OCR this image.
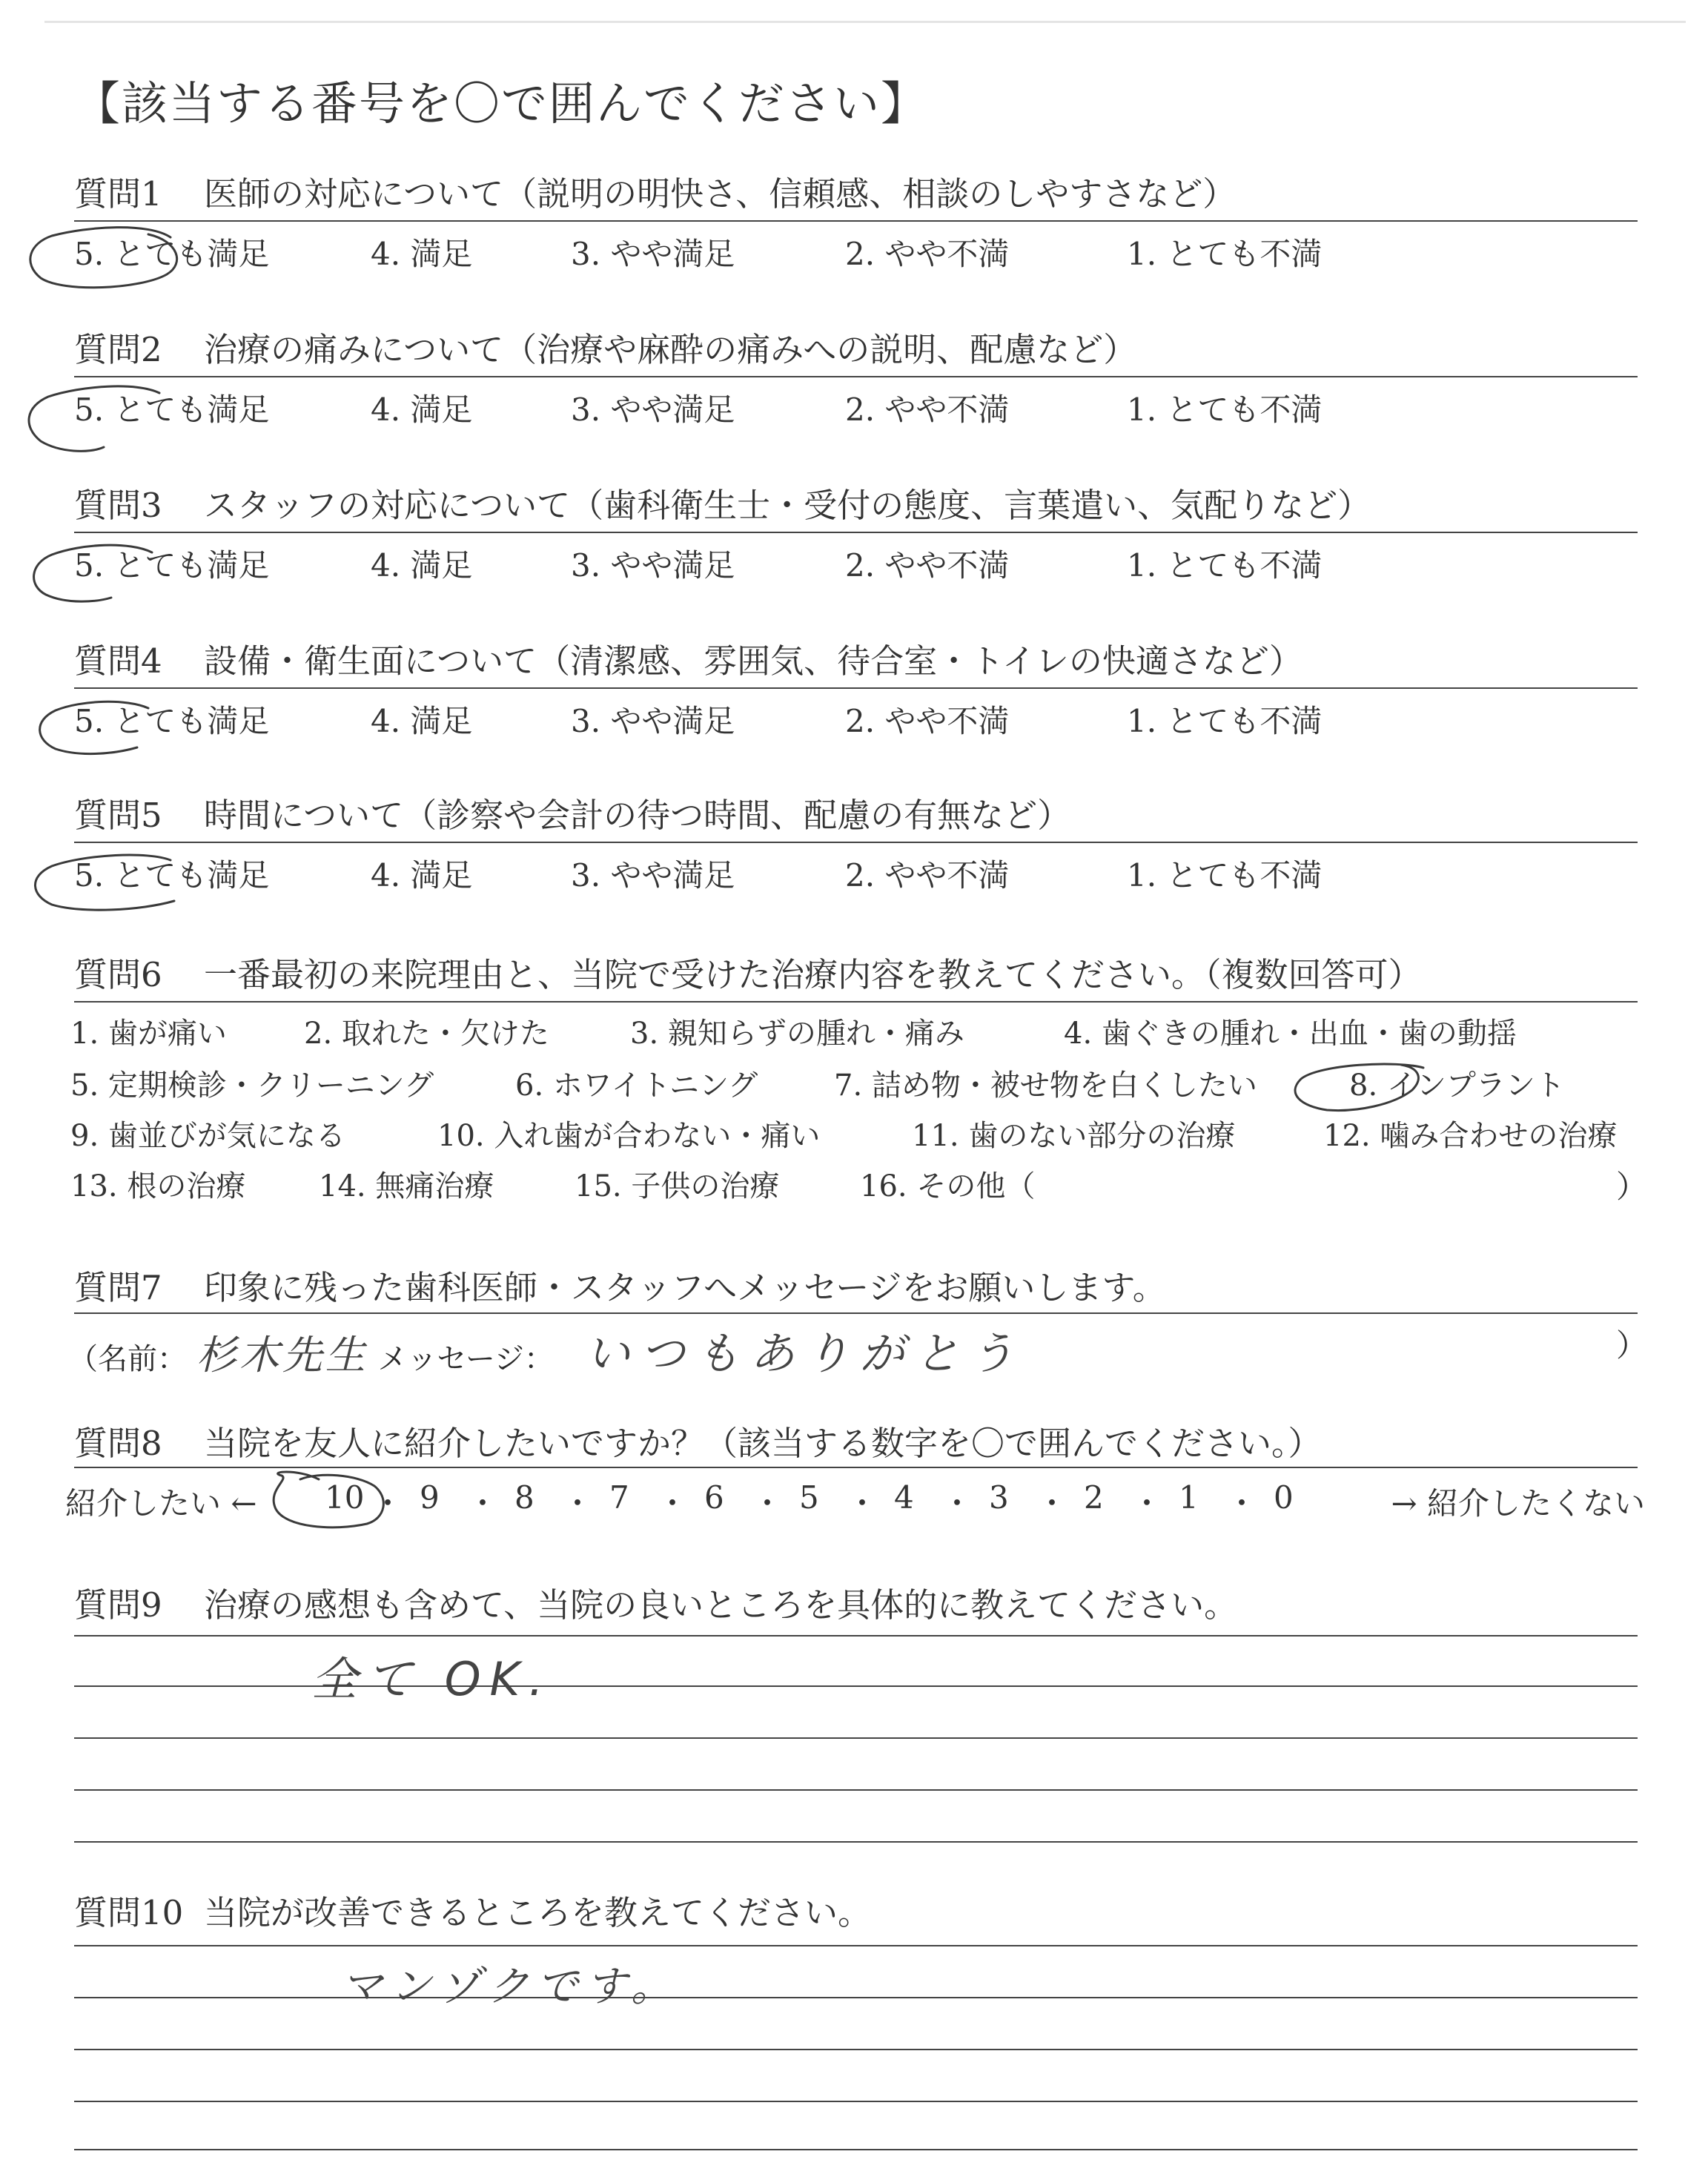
【該当する番号を〇で囲んでください】
質問1 医師の対応について（説明の明快さ、信頼感、相談のしやすさなど）
5. とても満足	4. 満足	3. やや満足	2. やや不満	1. とても不満
質問2 治療の痛みについて（治療や麻酔の痛みへの説明、配慮など）
5. とても満足	4. 満足	3. やや満足	2. やや不満	1. とても不満
質問3 スタッフの対応について（歯科衛生士・受付の態度、言葉遣い、気配りなど）
5. とても満足	4. 満足	3. やや満足	2. やや不満	1. とても不満
質問4 設備・衛生面について（清潔感、雰囲気、待合室・トイレの快適さなど）
5. とても満足	4. 満足	3. やや満足	2. やや不満	1. とても不満
質問5 時間について（診察や会計の待つ時間、配慮の有無など）
5. とても満足	4. 満足	3. やや満足	2. やや不満	1. とても不満
質問6 一番最初の来院理由と、当院で受けた治療内容を教えてください。（複数回答可）
1. 歯が痛い	2. 取れた・欠けた	3. 親知らずの腫れ・痛み	4. 歯ぐきの腫れ・出血・歯の動揺
5. 定期検診・クリーニング	6. ホワイトニング	7. 詰め物・被せ物を白くしたい	8. インプラント
9. 歯並びが気になる	10. 入れ歯が合わない・痛い	11. 歯のない部分の治療	12. 噛み合わせの治療
13. 根の治療 14. 無痛治療	15. 子供の治療	16. その他（	）
質問7 印象に残った歯科医師・スタッフへメッセージをお願いします。
（名前： 杉木先生 メッセージ： いつもありがとう	）
質問8 当院を友人に紹介したいですか？（該当する数字を〇で囲んでください。）
紹介したい ← 10 ・ 9 ・ 8 ・ 7 ・ 6 ・ 5 ・ 4 ・ 3 ・ 2 ・ 1 ・ 0	→ 紹介したくない
質問9 治療の感想も含めて、当院の良いところを具体的に教えてください。
全て OK.
質問10 当院が改善できるところを教えてください。
マンゾクです。
